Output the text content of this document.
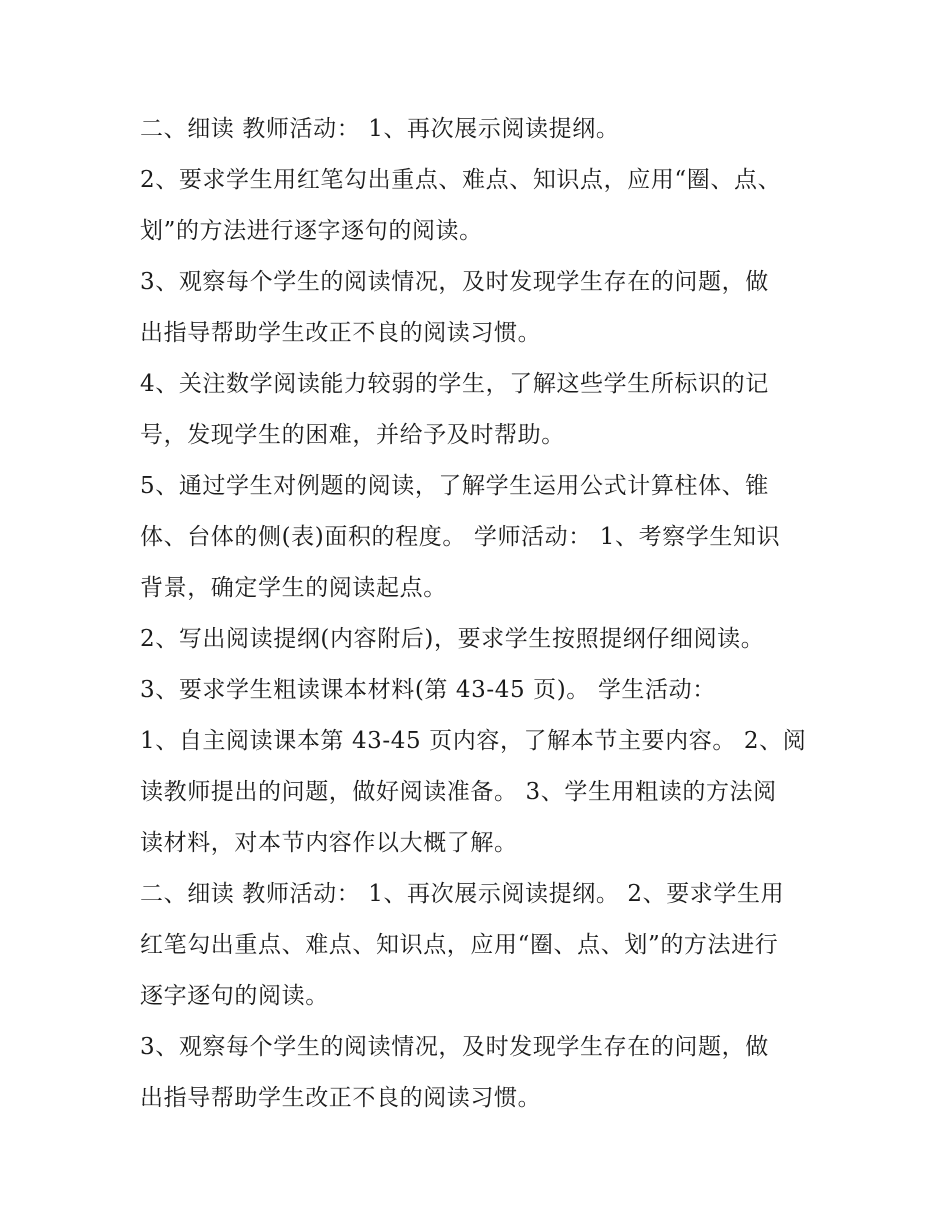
二、细读 教师活动： 1、再次展示阅读提纲。
2、要求学生用红笔勾出重点、难点、知识点，应用“圈、点、
划”的方法进行逐字逐句的阅读。
3、观察每个学生的阅读情况，及时发现学生存在的问题，做
出指导帮助学生改正不良的阅读习惯。
4、关注数学阅读能力较弱的学生，了解这些学生所标识的记
号，发现学生的困难，并给予及时帮助。
5、通过学生对例题的阅读，了解学生运用公式计算柱体、锥
体、台体的侧(表)面积的程度。 学师活动： 1、考察学生知识
背景，确定学生的阅读起点。
2、写出阅读提纲(内容附后)，要求学生按照提纲仔细阅读。
3、要求学生粗读课本材料(第 43-45 页)。 学生活动：
1、自主阅读课本第 43-45 页内容，了解本节主要内容。 2、阅
读教师提出的问题，做好阅读准备。 3、学生用粗读的方法阅
读材料，对本节内容作以大概了解。
二、细读 教师活动： 1、再次展示阅读提纲。 2、要求学生用
红笔勾出重点、难点、知识点，应用“圈、点、划”的方法进行
逐字逐句的阅读。
3、观察每个学生的阅读情况，及时发现学生存在的问题，做
出指导帮助学生改正不良的阅读习惯。
